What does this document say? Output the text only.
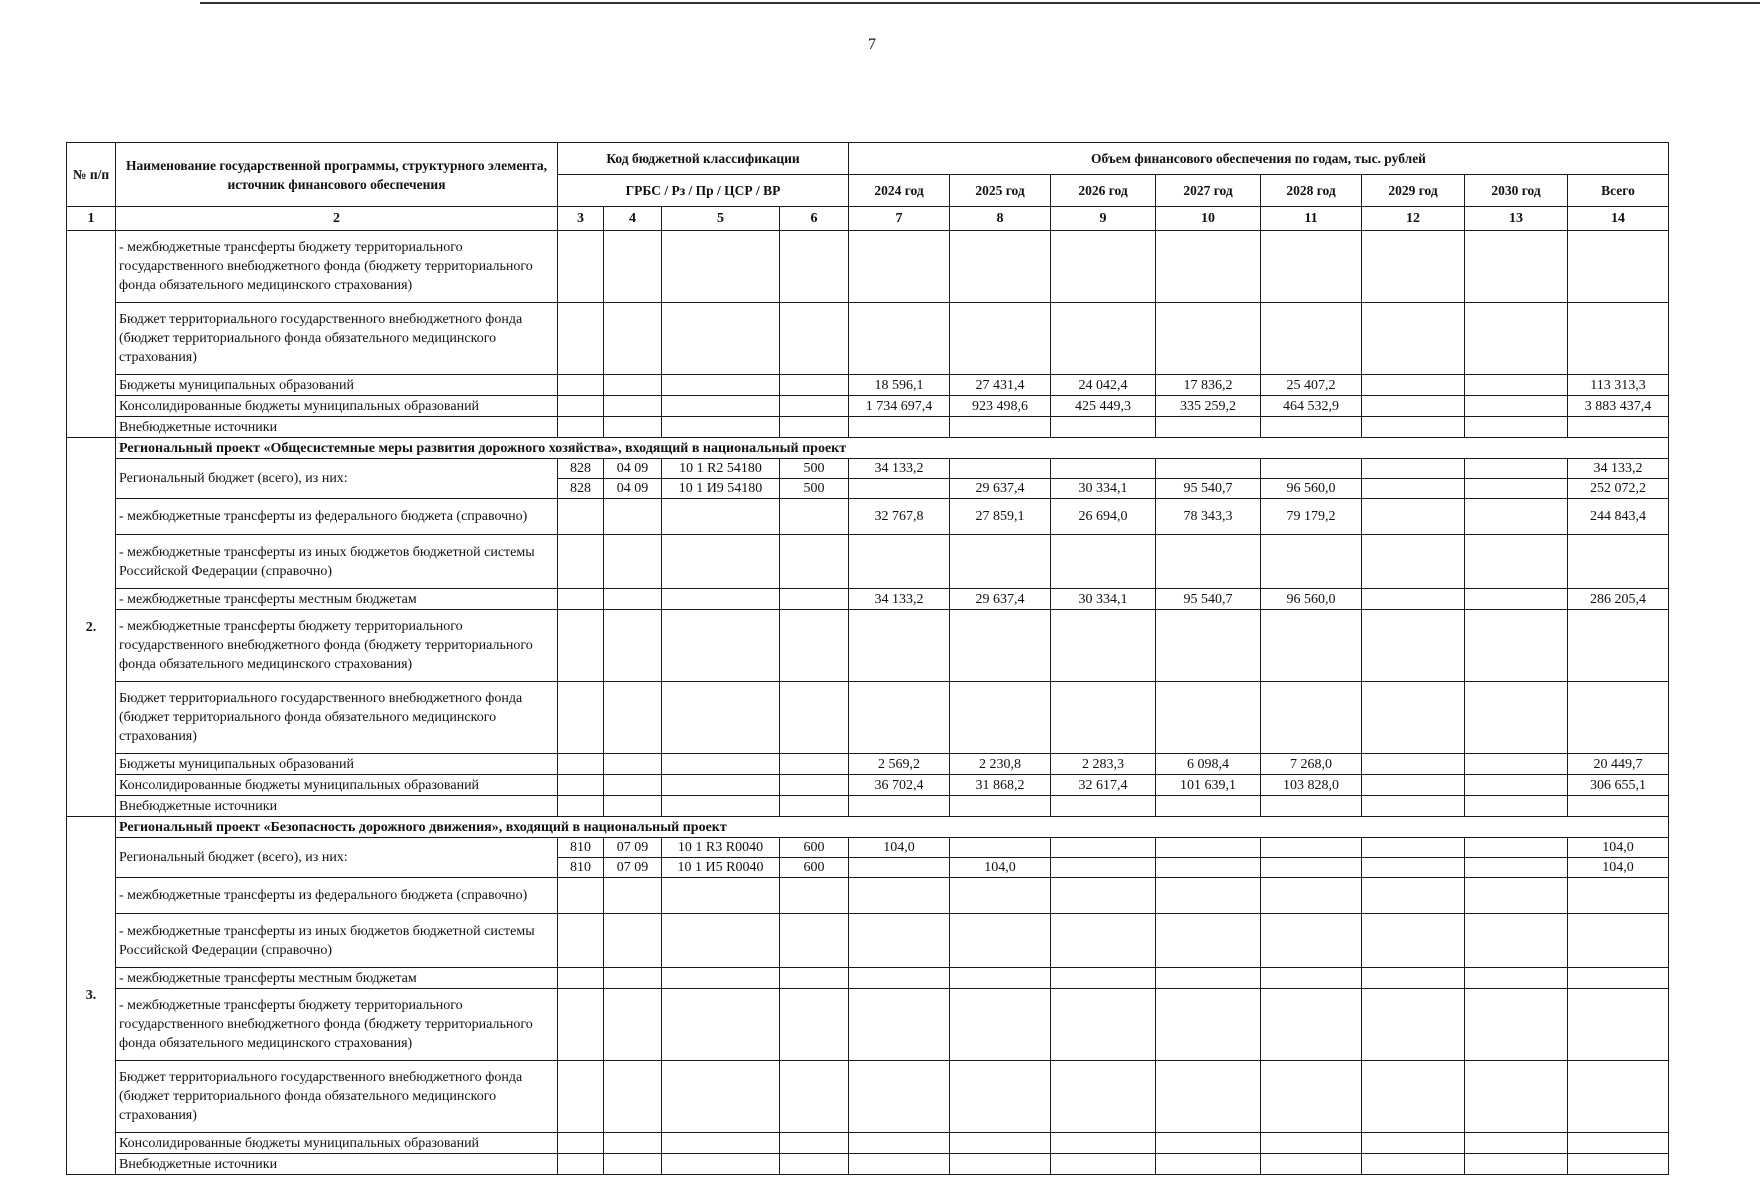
7
№ п/п	Наименование государственной программы, структурного элемента, источник финансового обеспечения	Код бюджетной классификации				Объем финансового обеспечения по годам, тыс. рублей							
		ГРБС / Рз / Пр / ЦСР / ВР				2024 год	2025 год	2026 год	2027 год	2028 год	2029 год	2030 год	Всего
1	2	3	4	5	6	7	8	9	10	11	12	13	14
	- межбюджетные трансферты бюджету территориального государственного внебюджетного фонда (бюджету территориального фонда обязательного медицинского страхования)												
	Бюджет территориального государственного внебюджетного фонда (бюджет территориального фонда обязательного медицинского страхования)												
	Бюджеты муниципальных образований					18 596,1	27 431,4	24 042,4	17 836,2	25 407,2			113 313,3
	Консолидированные бюджеты муниципальных образований					1 734 697,4	923 498,6	425 449,3	335 259,2	464 532,9			3 883 437,4
	Внебюджетные источники												
2.	Региональный проект «Общесистемные меры развития дорожного хозяйства», входящий в национальный проект												
	Региональный бюджет (всего), из них:	828	04 09	10 1 R2 54180	500	34 133,2							34 133,2
		828	04 09	10 1 И9 54180	500		29 637,4	30 334,1	95 540,7	96 560,0			252 072,2
	- межбюджетные трансферты из федерального бюджета (справочно)					32 767,8	27 859,1	26 694,0	78 343,3	79 179,2			244 843,4
	- межбюджетные трансферты из иных бюджетов бюджетной системы Российской Федерации (справочно)												
	- межбюджетные трансферты местным бюджетам					34 133,2	29 637,4	30 334,1	95 540,7	96 560,0			286 205,4
	- межбюджетные трансферты бюджету территориального государственного внебюджетного фонда (бюджету территориального фонда обязательного медицинского страхования)												
	Бюджет территориального государственного внебюджетного фонда (бюджет территориального фонда обязательного медицинского страхования)												
	Бюджеты муниципальных образований					2 569,2	2 230,8	2 283,3	6 098,4	7 268,0			20 449,7
	Консолидированные бюджеты муниципальных образований					36 702,4	31 868,2	32 617,4	101 639,1	103 828,0			306 655,1
	Внебюджетные источники												
3.	Региональный проект «Безопасность дорожного движения», входящий в национальный проект												
	Региональный бюджет (всего), из них:	810	07 09	10 1 R3 R0040	600	104,0							104,0
		810	07 09	10 1 И5 R0040	600		104,0						104,0
	- межбюджетные трансферты из федерального бюджета (справочно)												
	- межбюджетные трансферты из иных бюджетов бюджетной системы Российской Федерации (справочно)												
	- межбюджетные трансферты местным бюджетам												
	- межбюджетные трансферты бюджету территориального государственного внебюджетного фонда (бюджету территориального фонда обязательного медицинского страхования)												
	Бюджет территориального государственного внебюджетного фонда (бюджет территориального фонда обязательного медицинского страхования)												
	Консолидированные бюджеты муниципальных образований												
	Внебюджетные источники												
